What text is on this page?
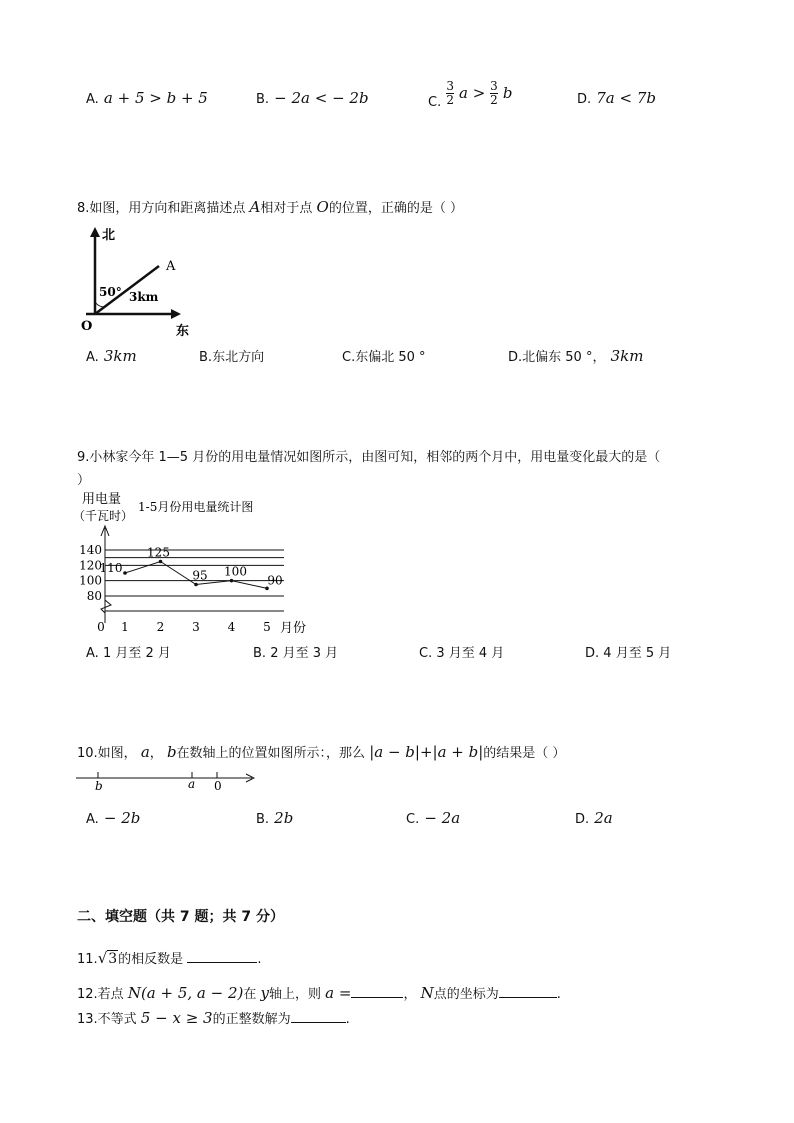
A. a + 5 > b + 5	B. − 2a < − 2b	$_{C.} \frac{3}{2}$ $a > \frac{3}{2}$ b	D. 7a < 7b
8.如图，用方向和距离描述点 A相对于点 O的位置，正确的是（ ）
北
东
O
A
50° 3km
A. 3km	B.东北方向	C.东偏北 50 °	D.北偏东 50 °， 3km
9.小林家今年 1—5 月份的用电量情况如图所示，由图可知，相邻的两个月中，用电量变化最大的是（
）
用电量
（千瓦时）
1-5月份用电量统计图
140
120
100
80
0 1 2 3 4 5 月份
110
125
95 100
90
A. 1 月至 2 月	B. 2 月至 3 月	C. 3 月至 4 月	D. 4 月至 5 月
10.如图， a， b在数轴上的位置如图所示：，那么 |a − b|+|a + b|的结果是（ ）
b	a 0
A. − 2b	B. 2b	C. − 2a	D. 2a
二、填空题（共 7 题；共 7 分）
11.√3的相反数是	.
12.若点 N(a + 5, a − 2)在 y轴上，则 a =	， N点的坐标为	.
13.不等式 5 − x ≥ 3的正整数解为	.
